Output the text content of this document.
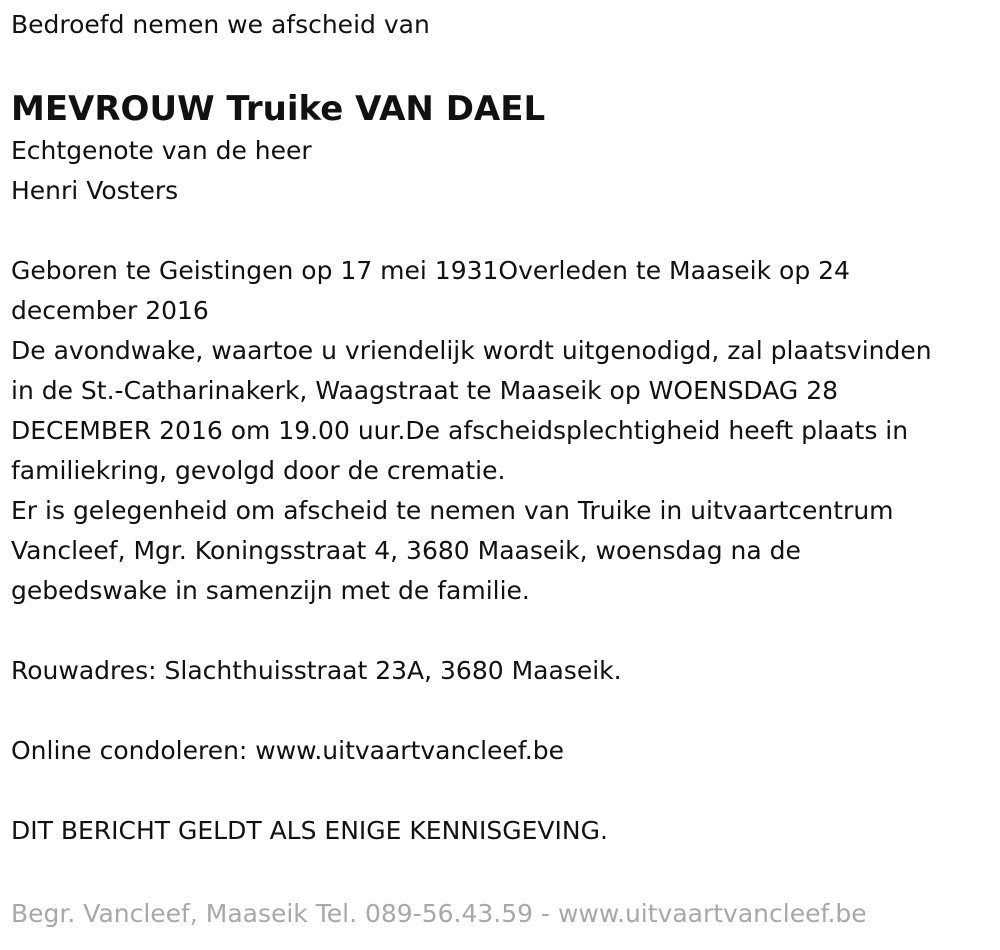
Bedroefd nemen we afscheid van

MEVROUW Truike VAN DAEL

Echtgenote van de heer

Henri Vosters

Geboren te Geistingen op 17 mei 1931Overleden te Maaseik op 24

december 2016

De avondwake, waartoe u vriendelijk wordt uitgenodigd, zal plaatsvinden

in de St.-Catharinakerk, Waagstraat te Maaseik op WOENSDAG 28

DECEMBER 2016 om 19.00 uur.De afscheidsplechtigheid heeft plaats in

familiekring, gevolgd door de crematie.

Er is gelegenheid om afscheid te nemen van Truike in uitvaartcentrum

Vancleef, Mgr. Koningsstraat 4, 3680 Maaseik, woensdag na de

gebedswake in samenzijn met de familie.

Rouwadres: Slachthuisstraat 23A, 3680 Maaseik.

Online condoleren: www.uitvaartvancleef.be

DIT BERICHT GELDT ALS ENIGE KENNISGEVING.

Begr. Vancleef, Maaseik Tel. 089-56.43.59 - www.uitvaartvancleef.be
